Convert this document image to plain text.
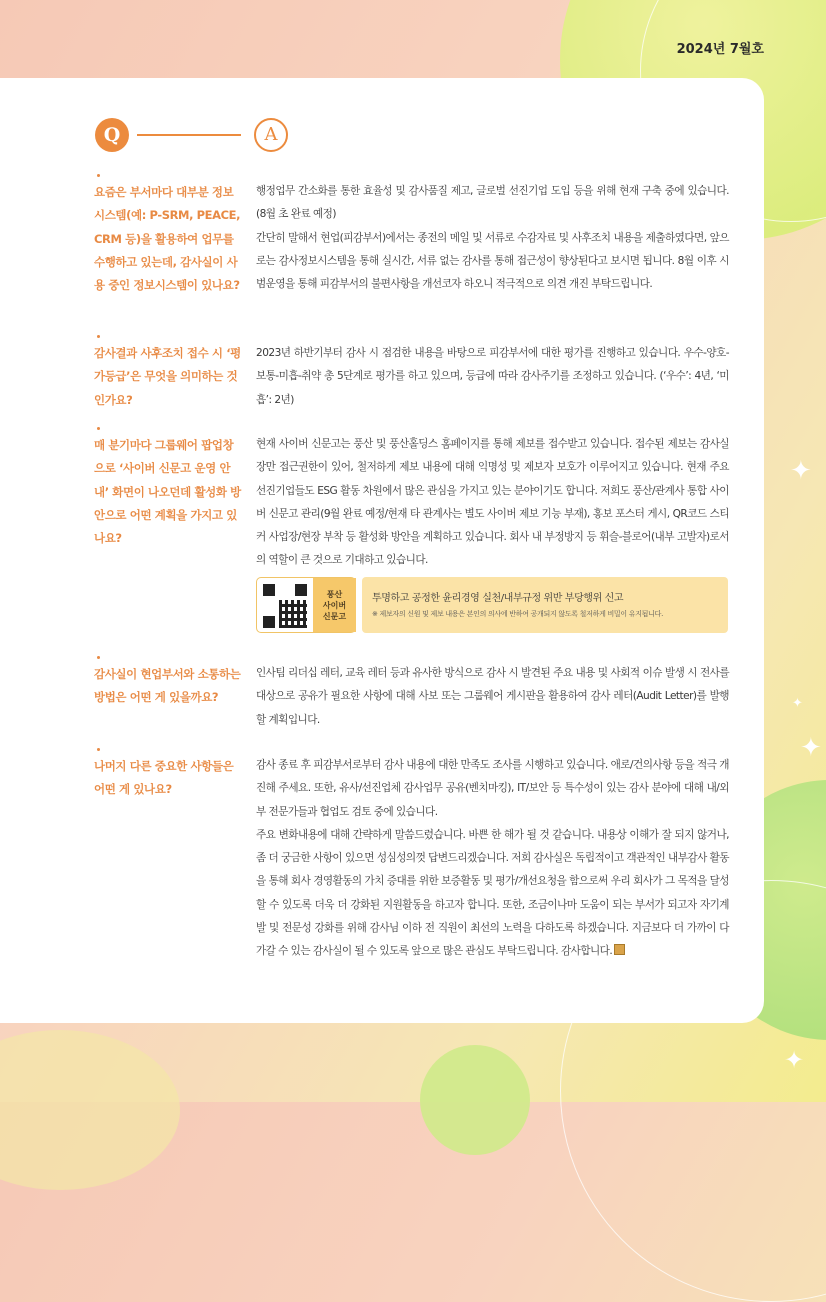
✦
✦
✦
✦
2024년 7월호
Q	A
요즘은 부서마다 대부분 정보시스템(예: P-SRM, PEACE, CRM 등)을 활용하여 업무를 수행하고 있는데, 감사실이 사용 중인 정보시스템이 있나요?

행정업무 간소화를 통한 효율성 및 감사품질 제고, 글로벌 선진기업 도입 등을 위해 현재 구축 중에 있습니다.(8월 초 완료 예정)

간단히 말해서 현업(피감부서)에서는 종전의 메일 및 서류로 수감자료 및 사후조치 내용을 제출하였다면, 앞으로는 감사정보시스템을 통해 실시간, 서류 없는 감사를 통해 접근성이 향상된다고 보시면 됩니다. 8월 이후 시범운영을 통해 피감부서의 불편사항을 개선코자 하오니 적극적으로 의견 개진 부탁드립니다.

감사결과 사후조치 접수 시 ‘평가등급’은 무엇을 의미하는 것인가요?

2023년 하반기부터 감사 시 점검한 내용을 바탕으로 피감부서에 대한 평가를 진행하고 있습니다. 우수-양호-보통-미흡-취약 총 5단계로 평가를 하고 있으며, 등급에 따라 감사주기를 조정하고 있습니다. (‘우수’: 4년, ‘미흡’: 2년)

매 분기마다 그룹웨어 팝업창으로 ‘사이버 신문고 운영 안내’ 화면이 나오던데 활성화 방안으로 어떤 계획을 가지고 있나요?

현재 사이버 신문고는 풍산 및 풍산홀딩스 홈페이지를 통해 제보를 접수받고 있습니다. 접수된 제보는 감사실장만 접근권한이 있어, 철저하게 제보 내용에 대해 익명성 및 제보자 보호가 이루어지고 있습니다. 현재 주요 선진기업들도 ESG 활동 차원에서 많은 관심을 가지고 있는 분야이기도 합니다. 저희도 풍산/관계사 통합 사이버 신문고 관리(9월 완료 예정/현재 타 관계사는 별도 사이버 제보 기능 부재), 홍보 포스터 게시, QR코드 스티커 사업장/현장 부착 등 활성화 방안을 계획하고 있습니다. 회사 내 부정방지 등 휘슬-블로어(내부 고발자)로서의 역할이 큰 것으로 기대하고 있습니다.

풍산
사이버
신문고
투명하고 공정한 윤리경영 실천/내부규정 위반 부당행위 신고
※ 제보자의 신원 및 제보 내용은 본인의 의사에 반하여 공개되지 않도록 철저하게 비밀이 유지됩니다.
감사실이 현업부서와 소통하는 방법은 어떤 게 있을까요?

인사팀 리더십 레터, 교육 레터 등과 유사한 방식으로 감사 시 발견된 주요 내용 및 사회적 이슈 발생 시 전사를 대상으로 공유가 필요한 사항에 대해 사보 또는 그룹웨어 게시판을 활용하여 감사 레터(Audit Letter)를 발행할 계획입니다.

나머지 다른 중요한 사항들은 어떤 게 있나요?

감사 종료 후 피감부서로부터 감사 내용에 대한 만족도 조사를 시행하고 있습니다. 애로/건의사항 등을 적극 개진해 주세요. 또한, 유사/선진업체 감사업무 공유(벤치마킹), IT/보안 등 특수성이 있는 감사 분야에 대해 내/외부 전문가들과 협업도 검토 중에 있습니다.

주요 변화내용에 대해 간략하게 말씀드렸습니다. 바쁜 한 해가 될 것 같습니다. 내용상 이해가 잘 되지 않거나, 좀 더 궁금한 사항이 있으면 성심성의껏 답변드리겠습니다. 저희 감사실은 독립적이고 객관적인 내부감사 활동을 통해 회사 경영활동의 가치 증대를 위한 보증활동 및 평가/개선요청을 함으로써 우리 회사가 그 목적을 달성할 수 있도록 더욱 더 강화된 지원활동을 하고자 합니다. 또한, 조금이나마 도움이 되는 부서가 되고자 자기계발 및 전문성 강화를 위해 감사님 이하 전 직원이 최선의 노력을 다하도록 하겠습니다. 지금보다 더 가까이 다가갈 수 있는 감사실이 될 수 있도록 앞으로 많은 관심도 부탁드립니다. 감사합니다.
